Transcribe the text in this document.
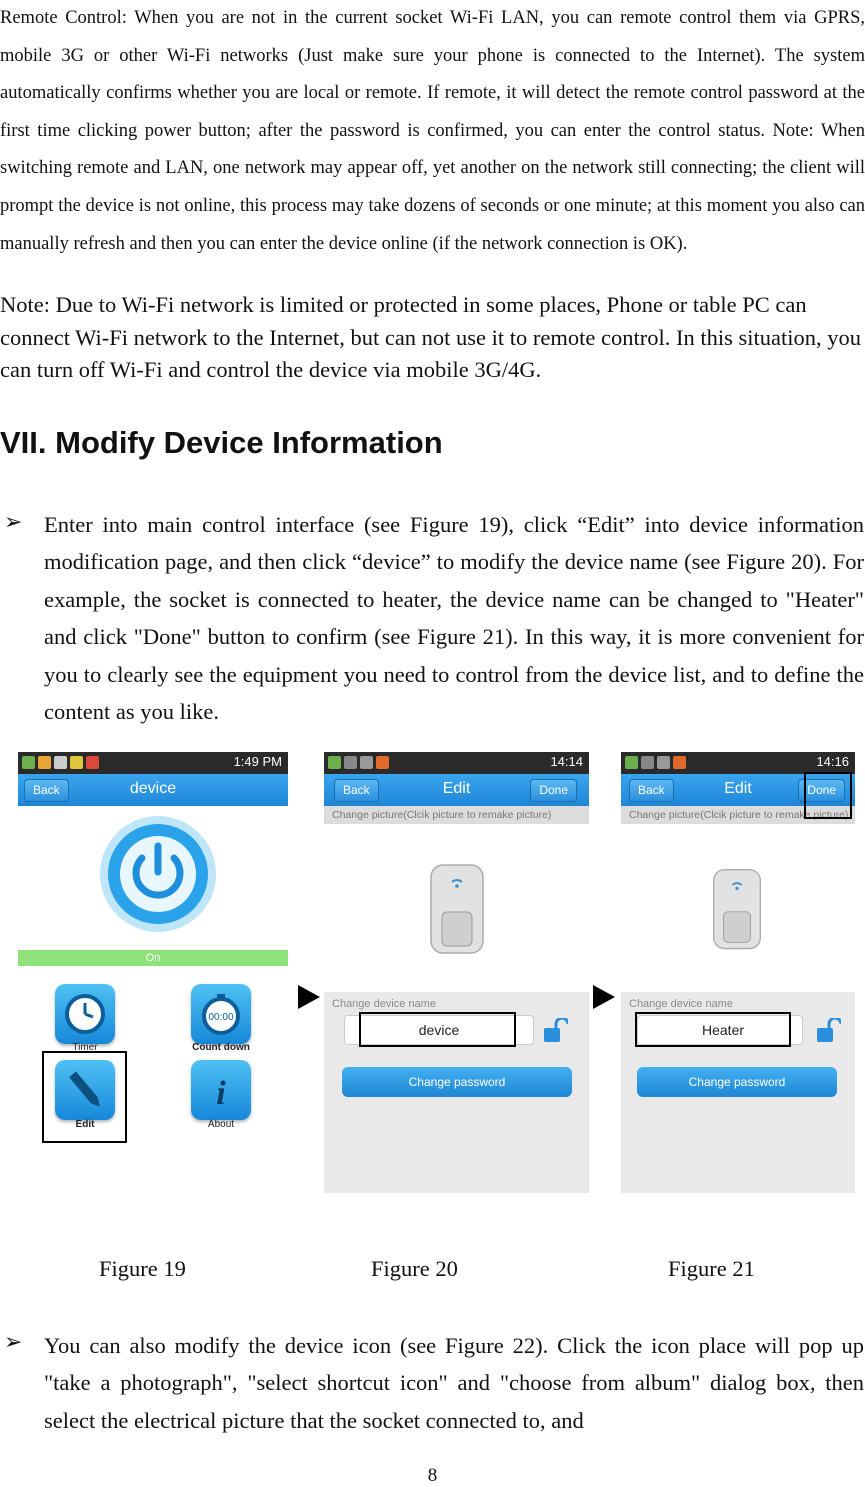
Remote Control: When you are not in the current socket Wi-Fi LAN, you can remote control them via GPRS, mobile 3G or other Wi-Fi networks (Just make sure your phone is connected to the Internet). The system automatically confirms whether you are local or remote. If remote, it will detect the remote control password at the first time clicking power button; after the password is confirmed, you can enter the control status. Note: When switching remote and LAN, one network may appear off, yet another on the network still connecting; the client will prompt the device is not online, this process may take dozens of seconds or one minute; at this moment you also can manually refresh and then you can enter the device online (if the network connection is OK).

Note: Due to Wi-Fi network is limited or protected in some places, Phone or table PC can connect Wi-Fi network to the Internet, but can not use it to remote control. In this situation, you can turn off Wi-Fi and control the device via mobile 3G/4G.

VII. Modify Device Information
➢ Enter into main control interface (see Figure 19), click “Edit” into device information modification page, and then click “device” to modify the device name (see Figure 20). For example, the socket is connected to heater, the device name can be changed to "Heater" and click "Done" button to confirm (see Figure 21). In this way, it is more convenient for you to clearly see the equipment you need to control from the device list, and to define the content as you like.

1:49 PM
Back	device
On
Timer
00:00
Count down
Edit
i
About
14:14
Back	Edit	Done
Change picture(Clcik picture to remake picture)
Change device name
device
Change password
14:16
Back	Edit	Done
Change picture(Clcik picture to remake picture)
Change device name
Heater
Change password
Figure 19	Figure 20	Figure 21
➢ You can also modify the device icon (see Figure 22). Click the icon place will pop up "take a photograph", "select shortcut icon" and "choose from album" dialog box, then select the electrical picture that the socket connected to, and

8
